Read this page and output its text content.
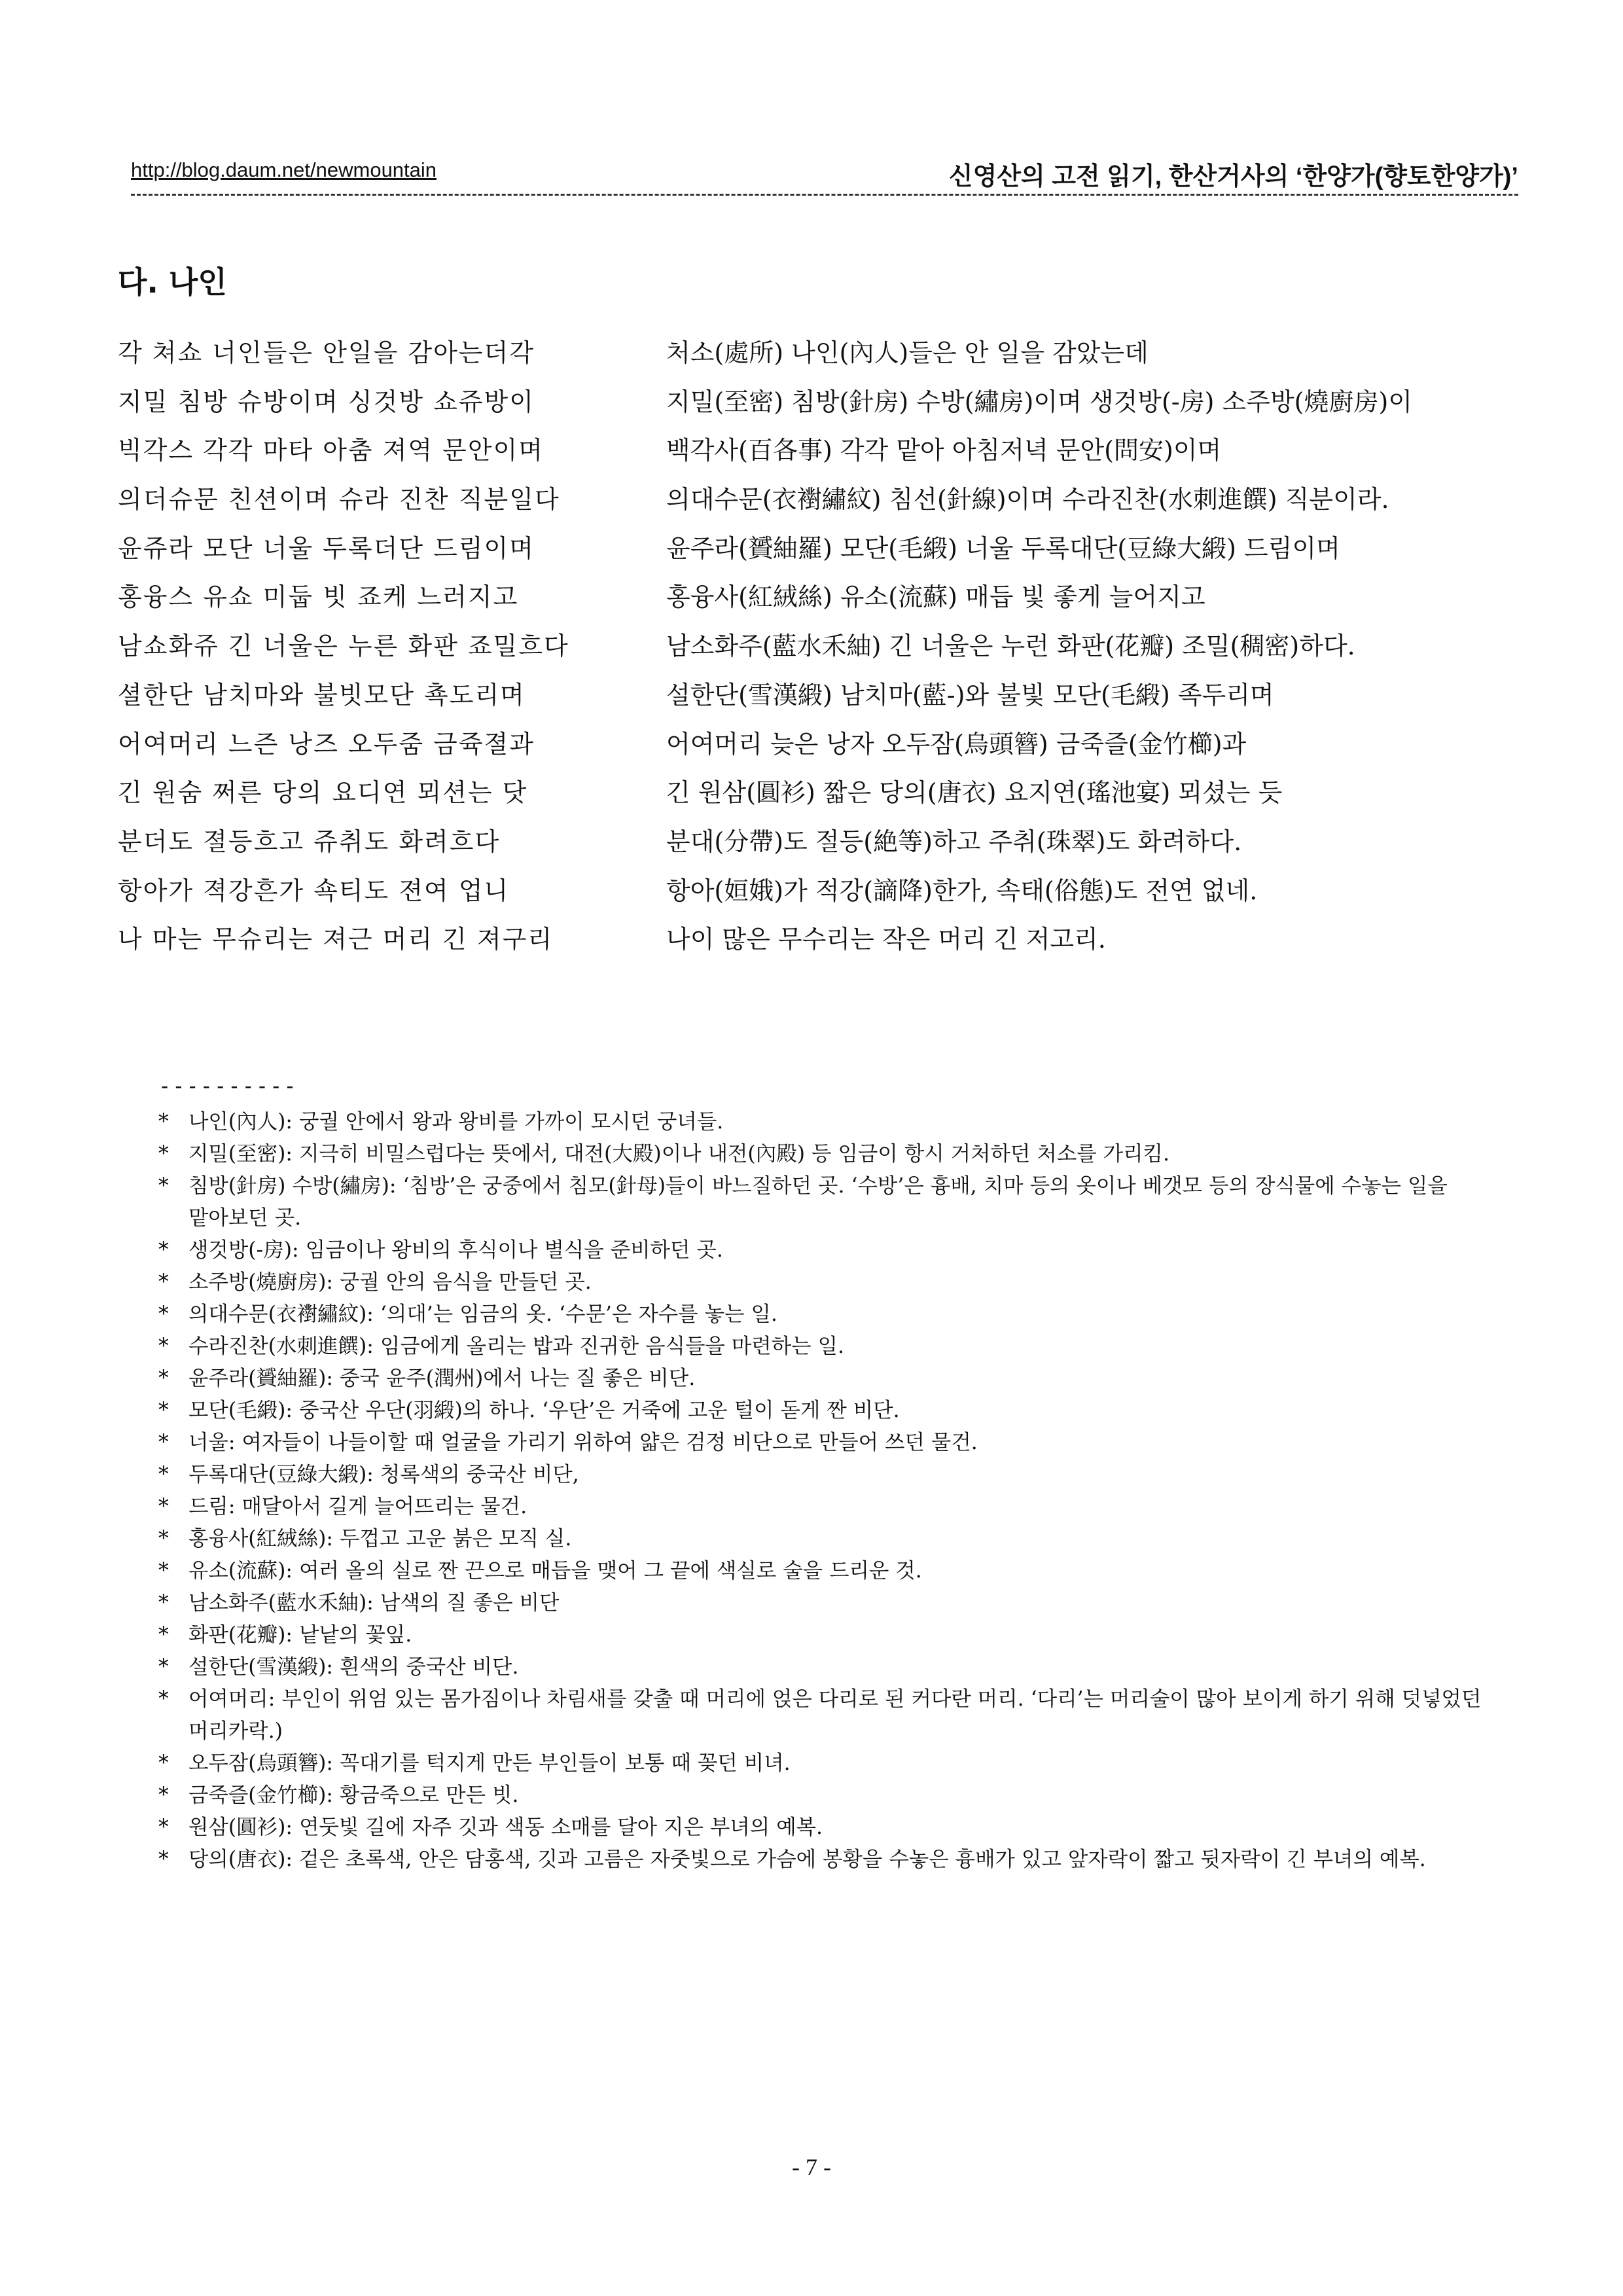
http://blog.daum.net/newmountain	신영산의 고전 읽기, 한산거사의 ‘한양가(향토한양가)’
다. 나인
각 쳐쇼 너인들은 안일을 감아는더각	처소(處所) 나인(內人)들은 안 일을 감았는데
지밀 침방 슈방이며 싱것방 쇼쥬방이	지밀(至密) 침방(針房) 수방(繡房)이며 생것방(-房) 소주방(燒廚房)이
빅각스 각각 마타 아춤 져역 문안이며	백각사(百各事) 각각 맡아 아침저녁 문안(問安)이며
의더슈문 친션이며 슈라 진찬 직분일다	의대수문(衣襨繡紋) 침선(針線)이며 수라진찬(水刺進饌) 직분이라.
윤쥬라 모단 너울 두록더단 드림이며	윤주라(贇紬羅) 모단(毛緞) 너울 두록대단(豆綠大緞) 드림이며
홍융스 유쇼 미둡 빗 죠케 느러지고	홍융사(紅絨絲) 유소(流蘇) 매듭 빛 좋게 늘어지고
남쇼화쥬 긴 너울은 누른 화판 죠밀흐다	남소화주(藍水禾紬) 긴 너울은 누런 화판(花瓣) 조밀(稠密)하다.
셜한단 남치마와 불빗모단 쵹도리며	설한단(雪漢緞) 남치마(藍-)와 불빛 모단(毛緞) 족두리며
어여머리 느즌 낭즈 오두줌 금쥭졀과	어여머리 늦은 낭자 오두잠(烏頭簪) 금죽즐(金竹櫛)과
긴 원숨 쩌른 당의 요디연 뫼션는 닷	긴 원삼(圓衫) 짧은 당의(唐衣) 요지연(瑤池宴) 뫼셨는 듯
분더도 졀등흐고 쥬취도 화려흐다	분대(分帶)도 절등(絶等)하고 주취(珠翠)도 화려하다.
항아가 젹강흔가 쇽티도 젼여 업니	항아(姮娥)가 적강(謫降)한가, 속태(俗態)도 전연 없네.
나 마는 무슈리는 져근 머리 긴 져구리	나이 많은 무수리는 작은 머리 긴 저고리.
----------
* 나인(內人): 궁궐 안에서 왕과 왕비를 가까이 모시던 궁녀들.
* 지밀(至密): 지극히 비밀스럽다는 뜻에서, 대전(大殿)이나 내전(內殿) 등 임금이 항시 거처하던 처소를 가리킴.
* 침방(針房) 수방(繡房): ‘침방’은 궁중에서 침모(針母)들이 바느질하던 곳. ‘수방’은 흉배, 치마 등의 옷이나 베갯모 등의 장식물에 수놓는 일을 맡아보던 곳.
* 생것방(-房): 임금이나 왕비의 후식이나 별식을 준비하던 곳.
* 소주방(燒廚房): 궁궐 안의 음식을 만들던 곳.
* 의대수문(衣襨繡紋): ‘의대’는 임금의 옷. ‘수문’은 자수를 놓는 일.
* 수라진찬(水刺進饌): 임금에게 올리는 밥과 진귀한 음식들을 마련하는 일.
* 윤주라(贇紬羅): 중국 윤주(潤州)에서 나는 질 좋은 비단.
* 모단(毛緞): 중국산 우단(羽緞)의 하나. ‘우단’은 거죽에 고운 털이 돋게 짠 비단.
* 너울: 여자들이 나들이할 때 얼굴을 가리기 위하여 얇은 검정 비단으로 만들어 쓰던 물건.
* 두록대단(豆綠大緞): 청록색의 중국산 비단,
* 드림: 매달아서 길게 늘어뜨리는 물건.
* 홍융사(紅絨絲): 두껍고 고운 붉은 모직 실.
* 유소(流蘇): 여러 올의 실로 짠 끈으로 매듭을 맺어 그 끝에 색실로 술을 드리운 것.
* 남소화주(藍水禾紬): 남색의 질 좋은 비단
* 화판(花瓣): 낱낱의 꽃잎.
* 설한단(雪漢緞): 흰색의 중국산 비단.
* 어여머리: 부인이 위엄 있는 몸가짐이나 차림새를 갖출 때 머리에 얹은 다리로 된 커다란 머리. ‘다리’는 머리술이 많아 보이게 하기 위해 덧넣었던 머리카락.)
* 오두잠(烏頭簪): 꼭대기를 턱지게 만든 부인들이 보통 때 꽂던 비녀.
* 금죽즐(金竹櫛): 황금죽으로 만든 빗.
* 원삼(圓衫): 연둣빛 길에 자주 깃과 색동 소매를 달아 지은 부녀의 예복.
* 당의(唐衣): 겉은 초록색, 안은 담홍색, 깃과 고름은 자줏빛으로 가슴에 봉황을 수놓은 흉배가 있고 앞자락이 짧고 뒷자락이 긴 부녀의 예복.
- 7 -
